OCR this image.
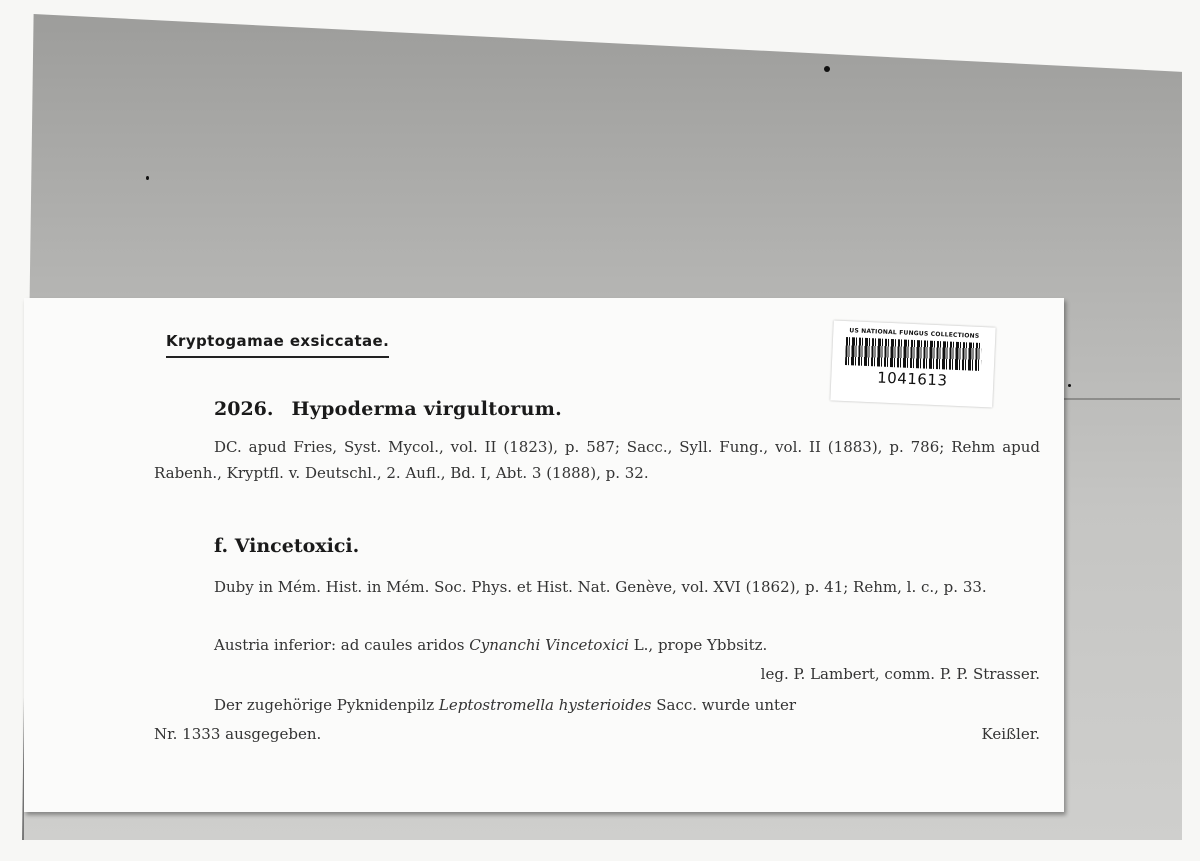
Kryptogamae exsiccatae.	US NATIONAL FUNGUS COLLECTIONS
1041613
2026. Hypoderma virgultorum.
DC. apud Fries, Syst. Mycol., vol. II (1823), p. 587; Sacc., Syll. Fung., vol. II (1883), p. 786; Rehm apud Rabenh., Kryptfl. v. Deutschl., 2. Aufl., Bd. I, Abt. 3 (1888), p. 32.
f. Vincetoxici.
Duby in Mém. Hist. in Mém. Soc. Phys. et Hist. Nat. Genève, vol. XVI (1862), p. 41; Rehm, l. c., p. 33.
Austria inferior: ad caules aridos Cynanchi Vincetoxici L., prope Ybbsitz.
leg. P. Lambert, comm. P. P. Strasser.
Der zugehörige Pyknidenpilz Leptostromella hysterioides Sacc. wurde unter
Nr. 1333 ausgegeben.	Keißler.
